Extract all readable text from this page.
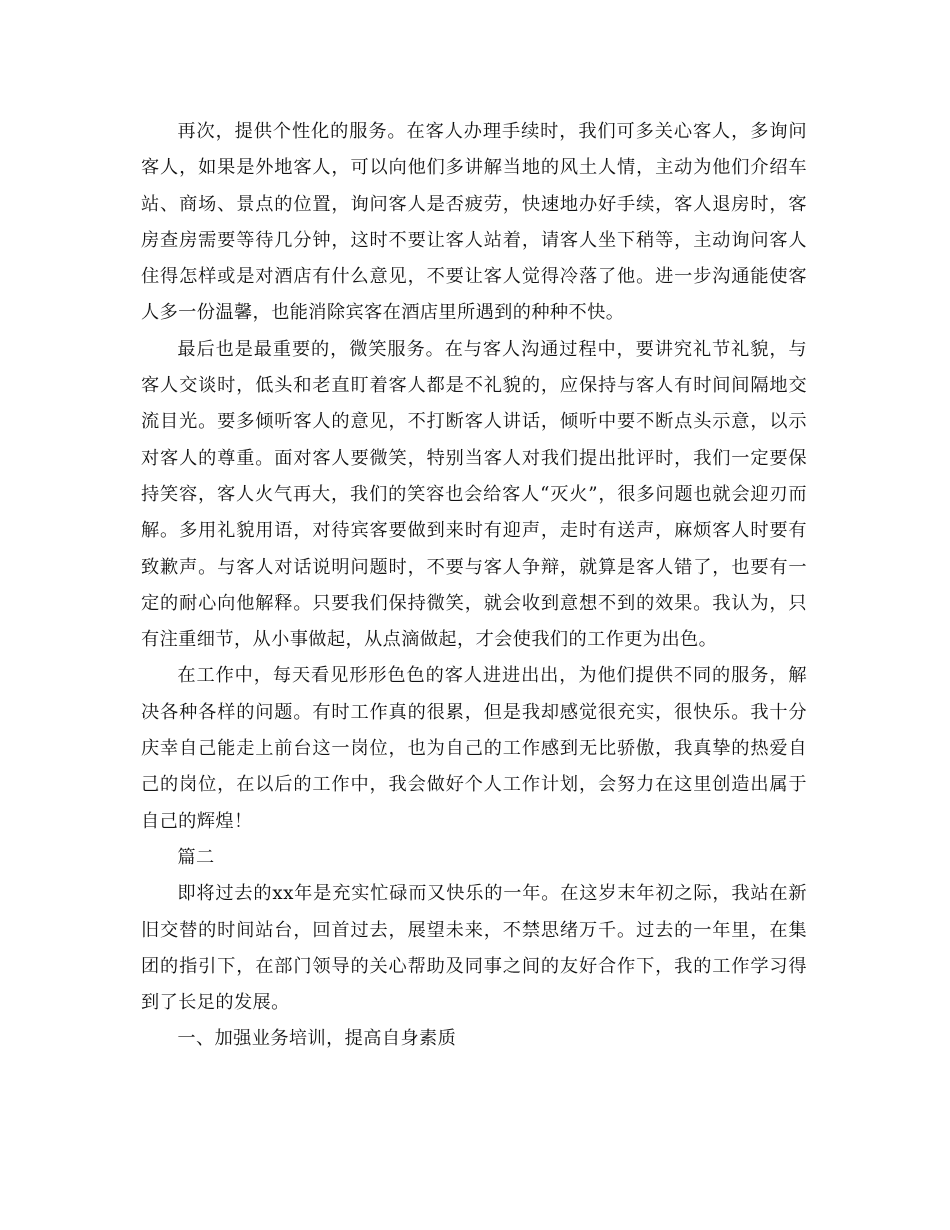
再次，提供个性化的服务。在客人办理手续时，我们可多关心客人，多询问客人，如果是外地客人，可以向他们多讲解当地的风土人情，主动为他们介绍车站、商场、景点的位置，询问客人是否疲劳，快速地办好手续，客人退房时，客房查房需要等待几分钟，这时不要让客人站着，请客人坐下稍等，主动询问客人住得怎样或是对酒店有什么意见，不要让客人觉得冷落了他。进一步沟通能使客人多一份温馨，也能消除宾客在酒店里所遇到的种种不快。

最后也是最重要的，微笑服务。在与客人沟通过程中，要讲究礼节礼貌，与客人交谈时，低头和老直盯着客人都是不礼貌的，应保持与客人有时间间隔地交流目光。要多倾听客人的意见，不打断客人讲话，倾听中要不断点头示意，以示对客人的尊重。面对客人要微笑，特别当客人对我们提出批评时，我们一定要保持笑容，客人火气再大，我们的笑容也会给客人“灭火”，很多问题也就会迎刃而解。多用礼貌用语，对待宾客要做到来时有迎声，走时有送声，麻烦客人时要有致歉声。与客人对话说明问题时，不要与客人争辩，就算是客人错了，也要有一定的耐心向他解释。只要我们保持微笑，就会收到意想不到的效果。我认为，只有注重细节，从小事做起，从点滴做起，才会使我们的工作更为出色。

在工作中，每天看见形形色色的客人进进出出，为他们提供不同的服务，解决各种各样的问题。有时工作真的很累，但是我却感觉很充实，很快乐。我十分庆幸自己能走上前台这一岗位，也为自己的工作感到无比骄傲，我真挚的热爱自己的岗位，在以后的工作中，我会做好个人工作计划，会努力在这里创造出属于自己的辉煌！

篇二

即将过去的xx年是充实忙碌而又快乐的一年。在这岁末年初之际，我站在新旧交替的时间站台，回首过去，展望未来，不禁思绪万千。过去的一年里，在集团的指引下，在部门领导的关心帮助及同事之间的友好合作下，我的工作学习得到了长足的发展。

一、加强业务培训，提高自身素质
